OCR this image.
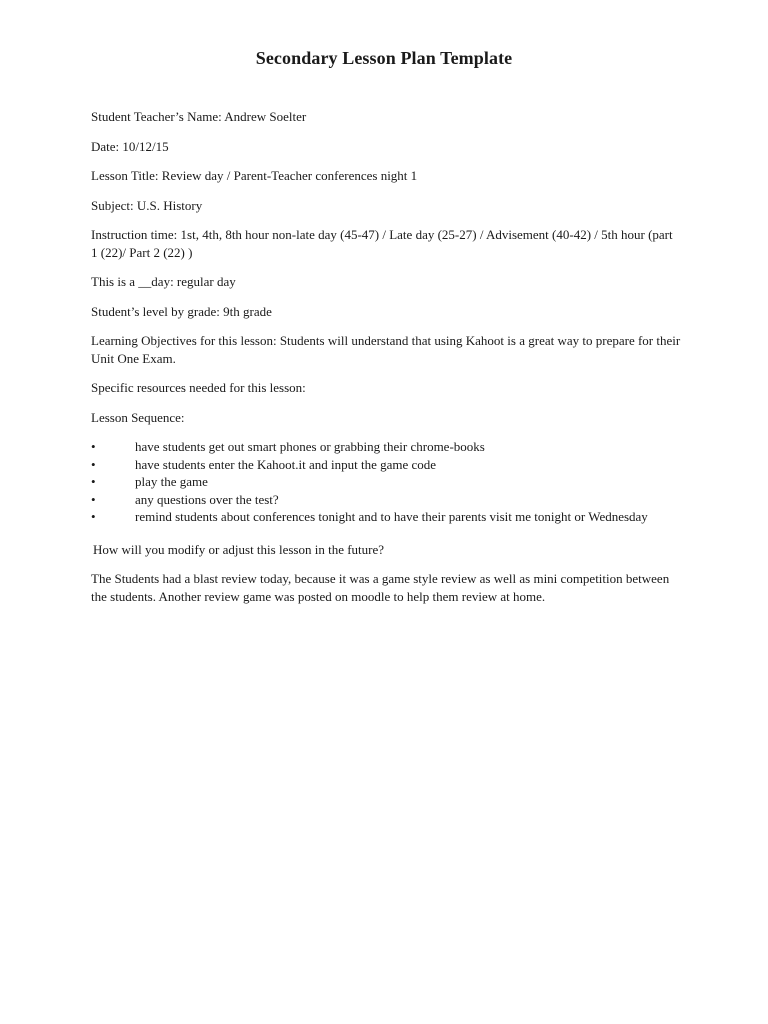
Secondary Lesson Plan Template

Student Teacher’s Name: Andrew Soelter

Date: 10/12/15

Lesson Title: Review day / Parent-Teacher conferences night 1

Subject: U.S. History

Instruction time: 1st, 4th, 8th hour non-late day (45-47) / Late day (25-27) / Advisement (40-42) / 5th hour (part 1 (22)/ Part 2 (22) )

This is a __day: regular day

Student’s level by grade: 9th grade

Learning Objectives for this lesson: Students will understand that using Kahoot is a great way to prepare for their Unit One Exam.

Specific resources needed for this lesson:

Lesson Sequence:

•	have students get out smart phones or grabbing their chrome-books
•	have students enter the Kahoot.it and input the game code
•	play the game
•	any questions over the test?
•	remind students about conferences tonight and to have their parents visit me tonight or Wednesday

How will you modify or adjust this lesson in the future?

The Students had a blast review today, because it was a game style review as well as mini competition between the students. Another review game was posted on moodle to help them review at home.
